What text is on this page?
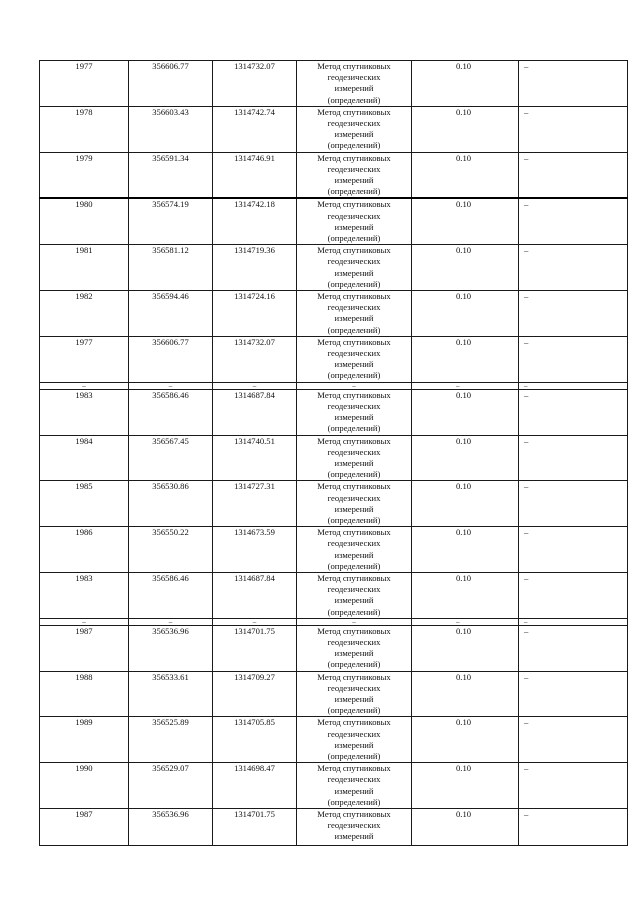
1977	356606.77	1314732.07	Метод спутниковых
геодезических
измерений
(определений)	0.10	–
1978	356603.43	1314742.74	Метод спутниковых
геодезических
измерений
(определений)	0.10	–
1979	356591.34	1314746.91	Метод спутниковых
геодезических
измерений
(определений)	0.10	–
1980	356574.19	1314742.18	Метод спутниковых
геодезических
измерений
(определений)	0.10	–
1981	356581.12	1314719.36	Метод спутниковых
геодезических
измерений
(определений)	0.10	–
1982	356594.46	1314724.16	Метод спутниковых
геодезических
измерений
(определений)	0.10	–
1977	356606.77	1314732.07	Метод спутниковых
геодезических
измерений
(определений)	0.10	–
–	–	–	–	–	–
1983	356586.46	1314687.84	Метод спутниковых
геодезических
измерений
(определений)	0.10	–
1984	356567.45	1314740.51	Метод спутниковых
геодезических
измерений
(определений)	0.10	–
1985	356530.86	1314727.31	Метод спутниковых
геодезических
измерений
(определений)	0.10	–
1986	356550.22	1314673.59	Метод спутниковых
геодезических
измерений
(определений)	0.10	–
1983	356586.46	1314687.84	Метод спутниковых
геодезических
измерений
(определений)	0.10	–
–	–	–	–	–	–
1987	356536.96	1314701.75	Метод спутниковых
геодезических
измерений
(определений)	0.10	–
1988	356533.61	1314709.27	Метод спутниковых
геодезических
измерений
(определений)	0.10	–
1989	356525.89	1314705.85	Метод спутниковых
геодезических
измерений
(определений)	0.10	–
1990	356529.07	1314698.47	Метод спутниковых
геодезических
измерений
(определений)	0.10	–
1987	356536.96	1314701.75	Метод спутниковых
геодезических
измерений	0.10	–
